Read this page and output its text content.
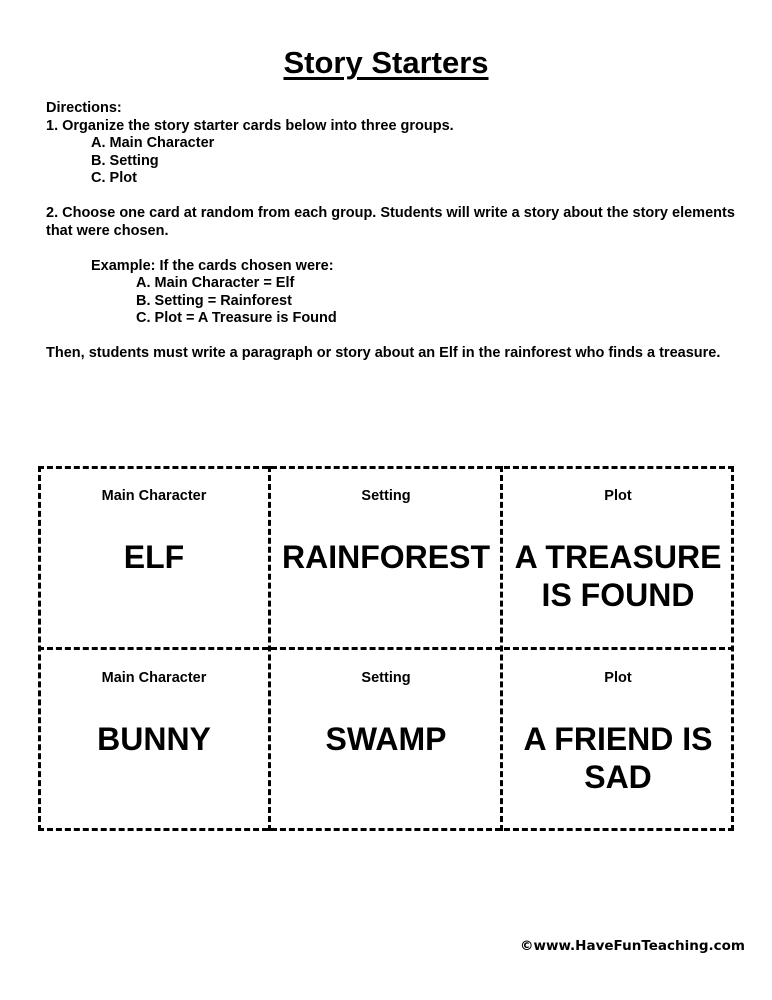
Story Starters

Directions:

1. Organize the story starter cards below into three groups.

A. Main Character

B. Setting

C. Plot

2. Choose one card at random from each group. Students will write a story about the story elements that were chosen.

Example: If the cards chosen were:

A. Main Character = Elf

B. Setting = Rainforest

C. Plot = A Treasure is Found

Then, students must write a paragraph or story about an Elf in the rainforest who finds a treasure.

Main Character
ELF
Setting
RAINFOREST
Plot
A TREASURE IS FOUND
Main Character
BUNNY
Setting
SWAMP
Plot
A FRIEND IS SAD
©www.HaveFunTeaching.com
